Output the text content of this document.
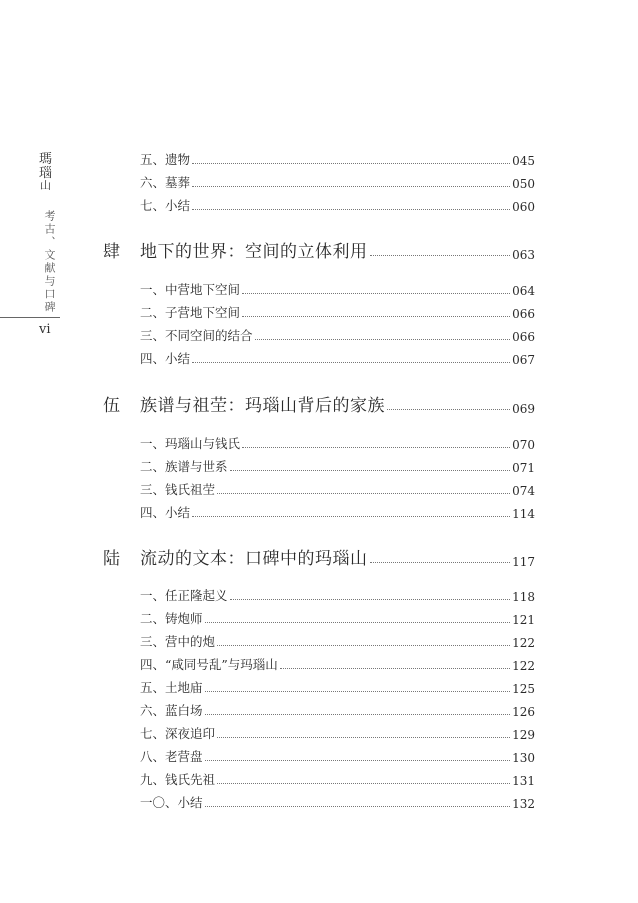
瑪
瑙
山
考古、文献与口碑
vi
五、遗物	045
六、墓葬	050
七、小结	060
肆	地下的世界：空间的立体利用	063
一、中营地下空间	064
二、子营地下空间	066
三、不同空间的结合	066
四、小结	067
伍	族谱与祖茔：玛瑙山背后的家族	069
一、玛瑙山与钱氏	070
二、族谱与世系	071
三、钱氏祖茔	074
四、小结	114
陆	流动的文本：口碑中的玛瑙山	117
一、任正隆起义	118
二、铸炮师	121
三、营中的炮	122
四、“咸同号乱”与玛瑙山	122
五、土地庙	125
六、蓝白场	126
七、深夜追印	129
八、老营盘	130
九、钱氏先祖	131
一〇、小结	132
